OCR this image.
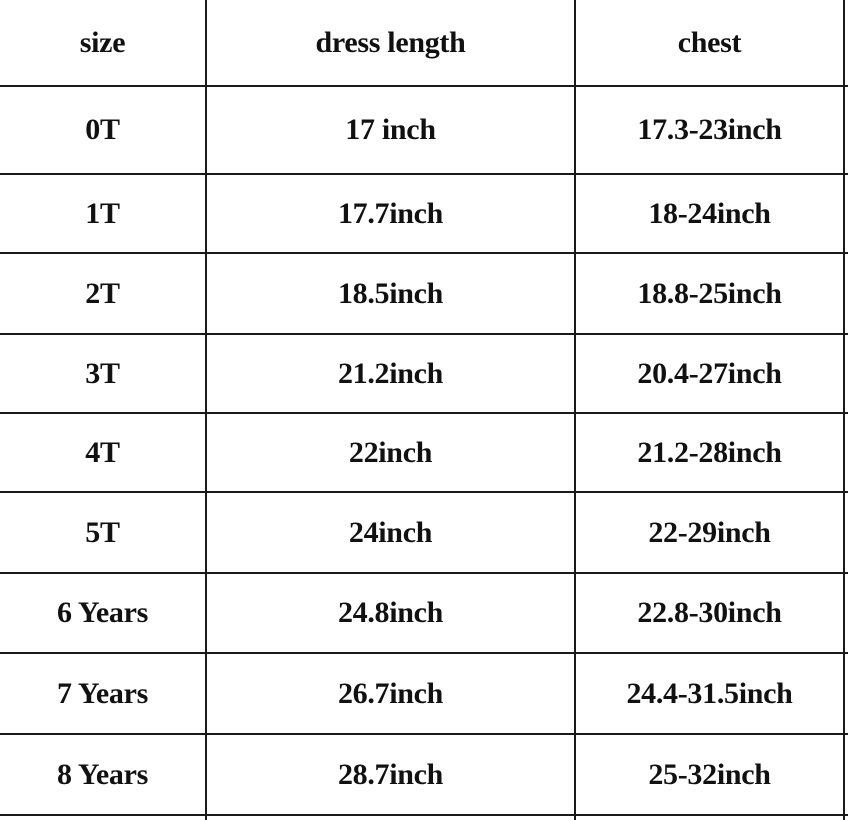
size	dress length	chest	
0T	17 inch	17.3-23inch	
1T	17.7inch	18-24inch	
2T	18.5inch	18.8-25inch	
3T	21.2inch	20.4-27inch	
4T	22inch	21.2-28inch	
5T	24inch	22-29inch	
6 Years	24.8inch	22.8-30inch	
7 Years	26.7inch	24.4-31.5inch	
8 Years	28.7inch	25-32inch	
